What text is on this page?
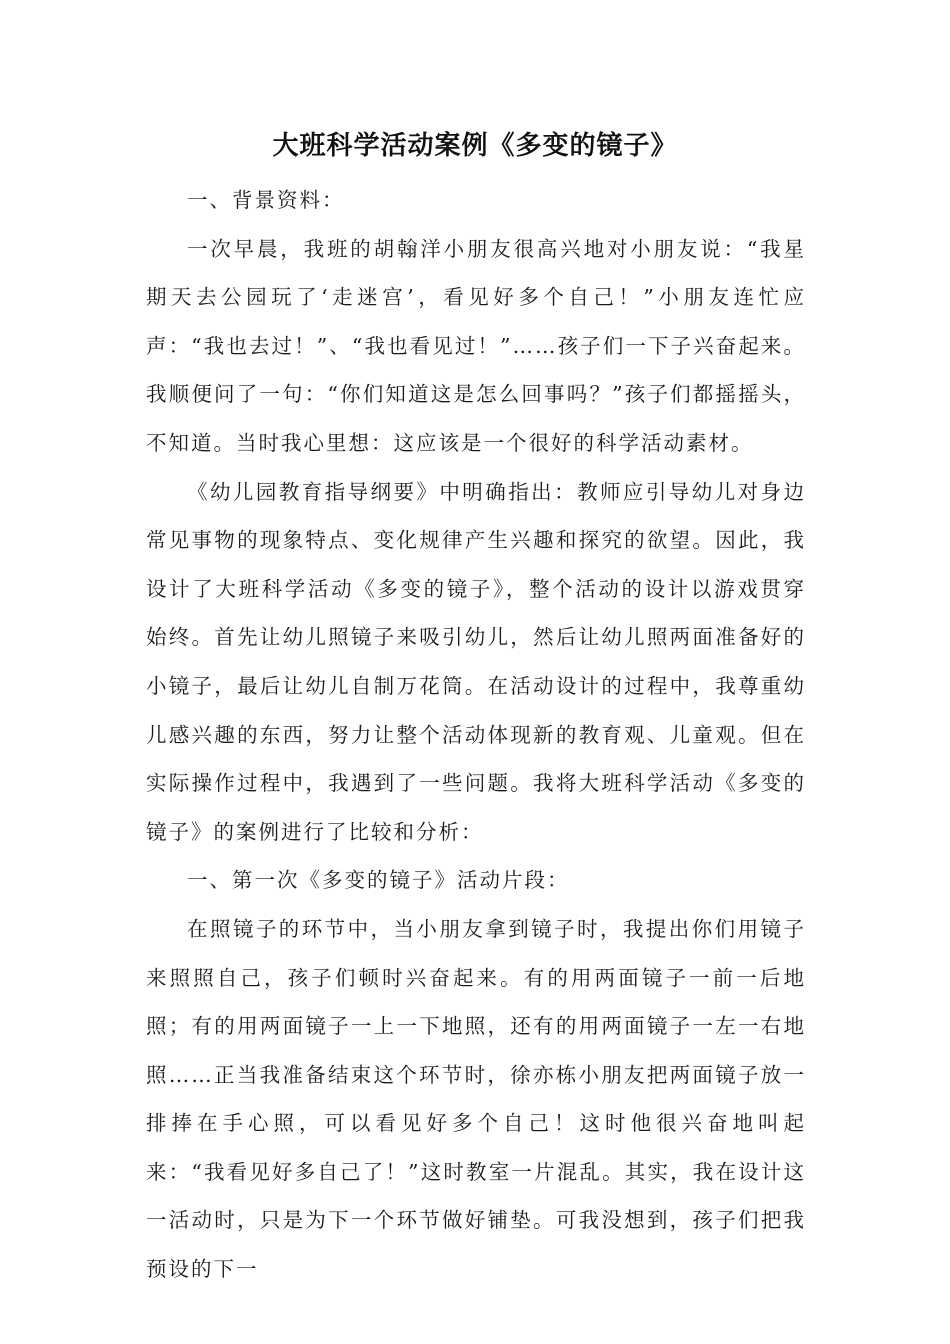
大班科学活动案例《多变的镜子》

一、背景资料：

一次早晨，我班的胡翰洋小朋友很高兴地对小朋友说：“我星期天去公园玩了‘走迷宫’，看见好多个自己！”小朋友连忙应声：“我也去过！”、“我也看见过！”……孩子们一下子兴奋起来。我顺便问了一句：“你们知道这是怎么回事吗？”孩子们都摇摇头，不知道。当时我心里想：这应该是一个很好的科学活动素材。

《幼儿园教育指导纲要》中明确指出：教师应引导幼儿对身边常见事物的现象特点、变化规律产生兴趣和探究的欲望。因此，我设计了大班科学活动《多变的镜子》，整个活动的设计以游戏贯穿始终。首先让幼儿照镜子来吸引幼儿，然后让幼儿照两面准备好的小镜子，最后让幼儿自制万花筒。在活动设计的过程中，我尊重幼儿感兴趣的东西，努力让整个活动体现新的教育观、儿童观。但在实际操作过程中，我遇到了一些问题。我将大班科学活动《多变的镜子》的案例进行了比较和分析：

一、第一次《多变的镜子》活动片段：

在照镜子的环节中，当小朋友拿到镜子时，我提出你们用镜子来照照自己，孩子们顿时兴奋起来。有的用两面镜子一前一后地照；有的用两面镜子一上一下地照，还有的用两面镜子一左一右地照……正当我准备结束这个环节时，徐亦栋小朋友把两面镜子放一排捧在手心照，可以看见好多个自己！这时他很兴奋地叫起来：“我看见好多自己了！”这时教室一片混乱。其实，我在设计这一活动时，只是为下一个环节做好铺垫。可我没想到，孩子们把我预设的下一
